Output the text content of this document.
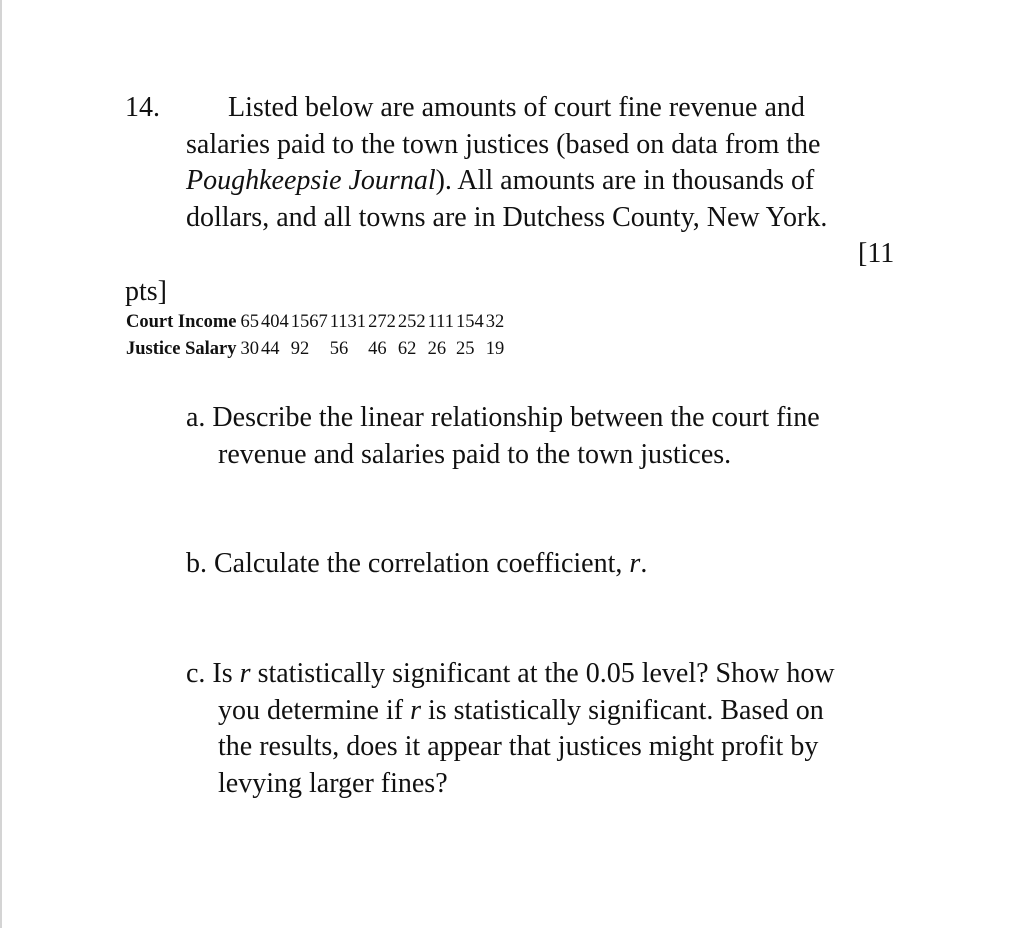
14.	Listed below are amounts of court fine revenue and
salaries paid to the town justices (based on data from the
Poughkeepsie Journal). All amounts are in thousands of
dollars, and all towns are in Dutchess County, New York.
[11
pts]
Court Income	65	404	1567	1131	272	252	111	154	32
Justice Salary	30	44	92	56	46	62	26	25	19
a. Describe the linear relationship between the court fine
revenue and salaries paid to the town justices.
b. Calculate the correlation coefficient, r.
c. Is r statistically significant at the 0.05 level? Show how
you determine if r is statistically significant. Based on
the results, does it appear that justices might profit by
levying larger fines?
